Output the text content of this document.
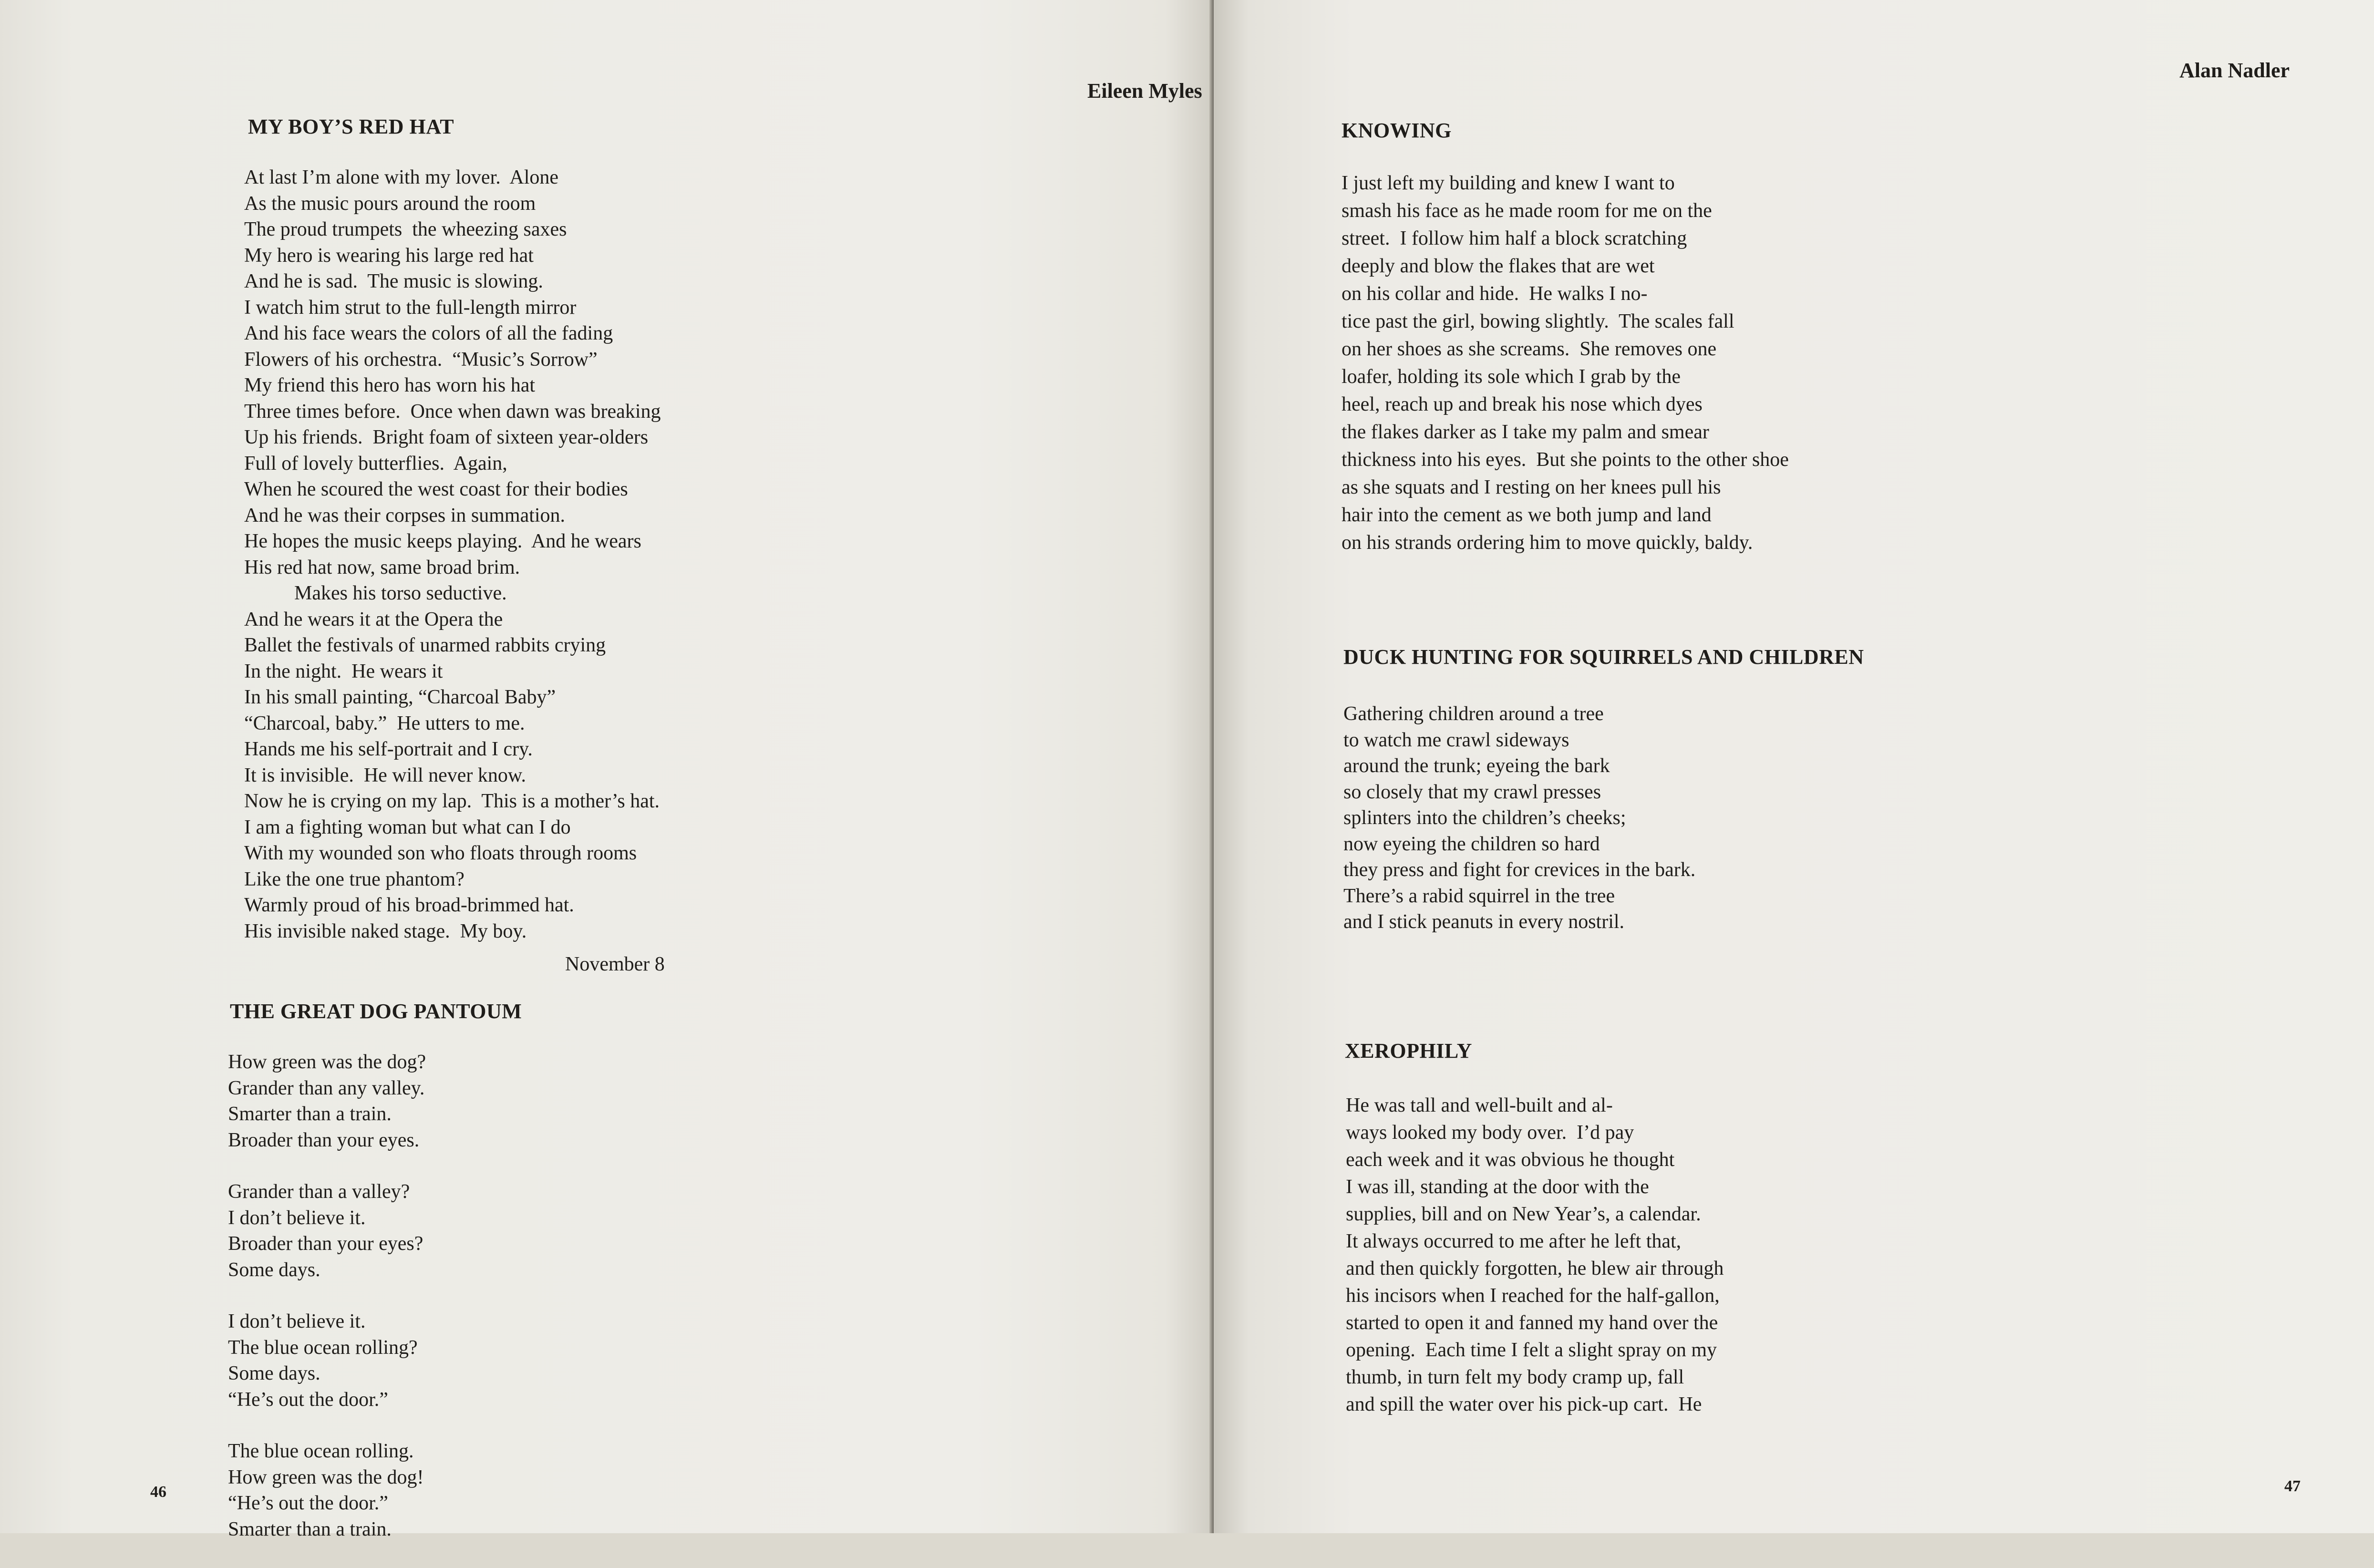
Eileen Myles
MY BOY’S RED HAT
At last I’m alone with my lover.  Alone
As the music pours around the room
The proud trumpets  the wheezing saxes
My hero is wearing his large red hat
And he is sad.  The music is slowing.
I watch him strut to the full-length mirror
And his face wears the colors of all the fading
Flowers of his orchestra.  “Music’s Sorrow”
My friend this hero has worn his hat
Three times before.  Once when dawn was breaking
Up his friends.  Bright foam of sixteen year-olders
Full of lovely butterflies.  Again,
When he scoured the west coast for their bodies
And he was their corpses in summation.
He hopes the music keeps playing.  And he wears
His red hat now, same broad brim.
Makes his torso seductive.
And he wears it at the Opera the
Ballet the festivals of unarmed rabbits crying
In the night.  He wears it
In his small painting, “Charcoal Baby”
“Charcoal, baby.”  He utters to me.
Hands me his self-portrait and I cry.
It is invisible.  He will never know.
Now he is crying on my lap.  This is a mother’s hat.
I am a fighting woman but what can I do
With my wounded son who floats through rooms
Like the one true phantom?
Warmly proud of his broad-brimmed hat.
His invisible naked stage.  My boy.
November 8
THE GREAT DOG PANTOUM
How green was the dog?
Grander than any valley.
Smarter than a train.
Broader than your eyes.
Grander than a valley?
I don’t believe it.
Broader than your eyes?
Some days.
I don’t believe it.
The blue ocean rolling?
Some days.
“He’s out the door.”
The blue ocean rolling.
How green was the dog!
“He’s out the door.”
Smarter than a train.
46
Alan Nadler
KNOWING
I just left my building and knew I want to
smash his face as he made room for me on the
street.  I follow him half a block scratching
deeply and blow the flakes that are wet
on his collar and hide.  He walks I no-
tice past the girl, bowing slightly.  The scales fall
on her shoes as she screams.  She removes one
loafer, holding its sole which I grab by the
heel, reach up and break his nose which dyes
the flakes darker as I take my palm and smear
thickness into his eyes.  But she points to the other shoe
as she squats and I resting on her knees pull his
hair into the cement as we both jump and land
on his strands ordering him to move quickly, baldy.
DUCK HUNTING FOR SQUIRRELS AND CHILDREN
Gathering children around a tree
to watch me crawl sideways
around the trunk; eyeing the bark
so closely that my crawl presses
splinters into the children’s cheeks;
now eyeing the children so hard
they press and fight for crevices in the bark.
There’s a rabid squirrel in the tree
and I stick peanuts in every nostril.
XEROPHILY
He was tall and well-built and al-
ways looked my body over.  I’d pay
each week and it was obvious he thought
I was ill, standing at the door with the
supplies, bill and on New Year’s, a calendar.
It always occurred to me after he left that,
and then quickly forgotten, he blew air through
his incisors when I reached for the half-gallon,
started to open it and fanned my hand over the
opening.  Each time I felt a slight spray on my
thumb, in turn felt my body cramp up, fall
and spill the water over his pick-up cart.  He
47
